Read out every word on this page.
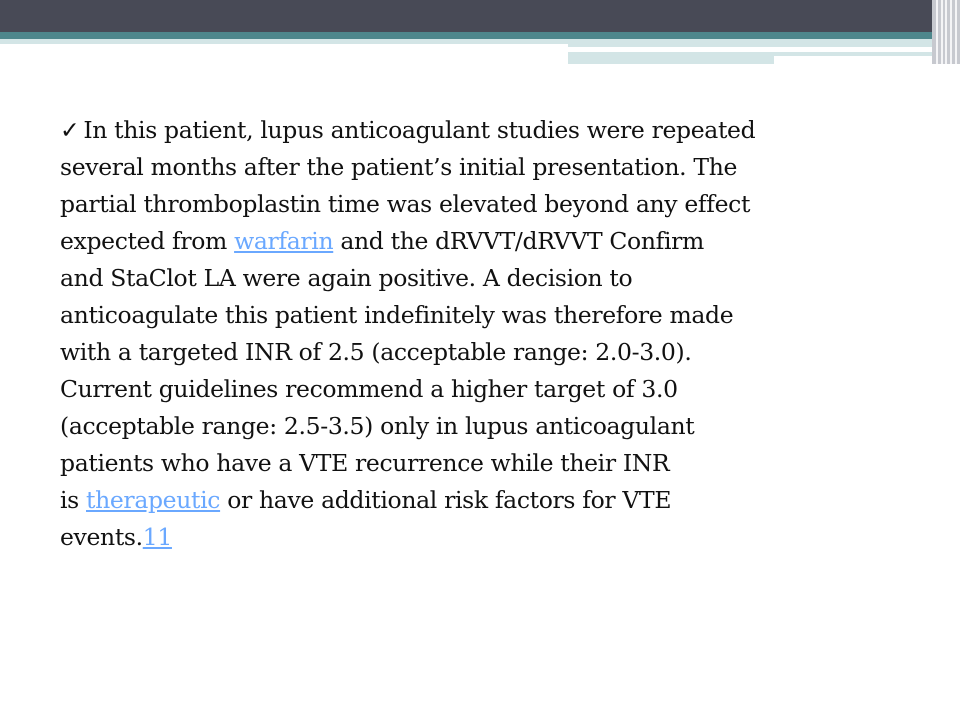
✓ In this patient, lupus anticoagulant studies were repeated
several months after the patient’s initial presentation. The
partial thromboplastin time was elevated beyond any effect
expected from warfarin and the dRVVT/dRVVT Confirm
and StaClot LA were again positive. A decision to
anticoagulate this patient indefinitely was therefore made
with a targeted INR of 2.5 (acceptable range: 2.0-3.0).
Current guidelines recommend a higher target of 3.0
(acceptable range: 2.5-3.5) only in lupus anticoagulant
patients who have a VTE recurrence while their INR
is therapeutic or have additional risk factors for VTE
events.11
